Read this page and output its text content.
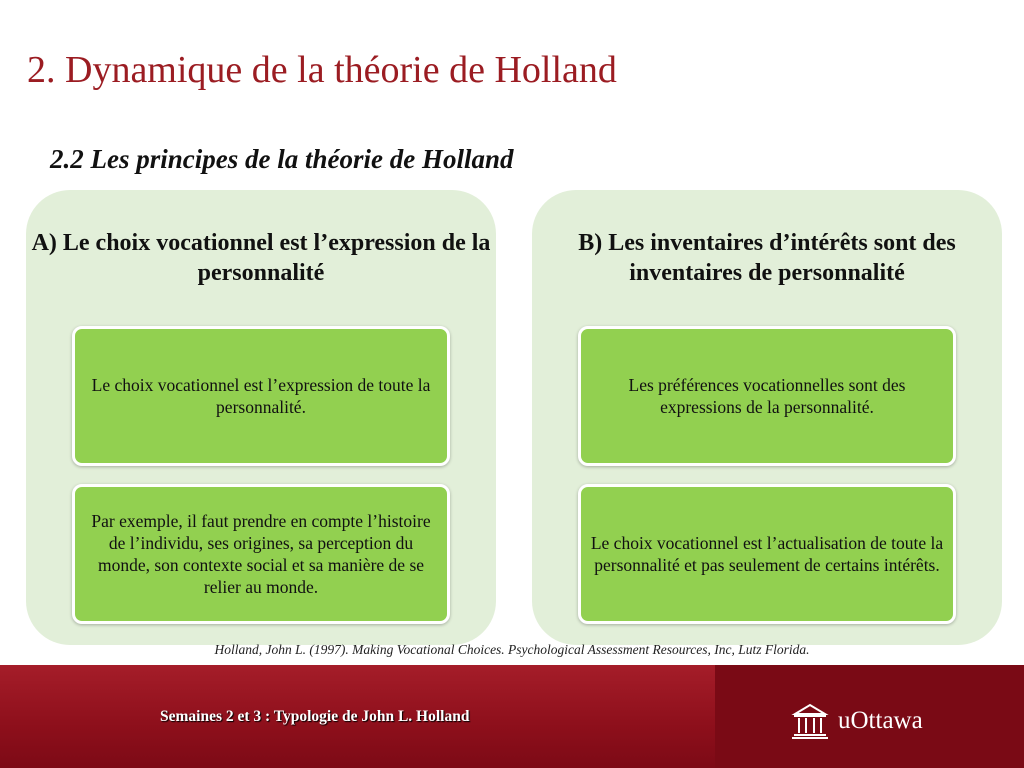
2. Dynamique de la théorie de Holland
2.2 Les principes de la théorie de Holland
A) Le choix vocationnel est l’expression de la personnalité
Le choix vocationnel est l’expression de toute la personnalité.
Par exemple, il faut prendre en compte l’histoire de l’individu, ses origines, sa perception du monde, son contexte social et sa manière de se relier au monde.
B) Les inventaires d’intérêts sont des inventaires de personnalité
Les préférences vocationnelles sont des expressions de la personnalité.
Le choix vocationnel est l’actualisation de toute la personnalité et pas seulement de certains intérêts.
Holland, John L. (1997). Making Vocational Choices. Psychological Assessment Resources, Inc, Lutz Florida.
Semaines 2 et 3 : Typologie de John L. Holland	uOttawa
